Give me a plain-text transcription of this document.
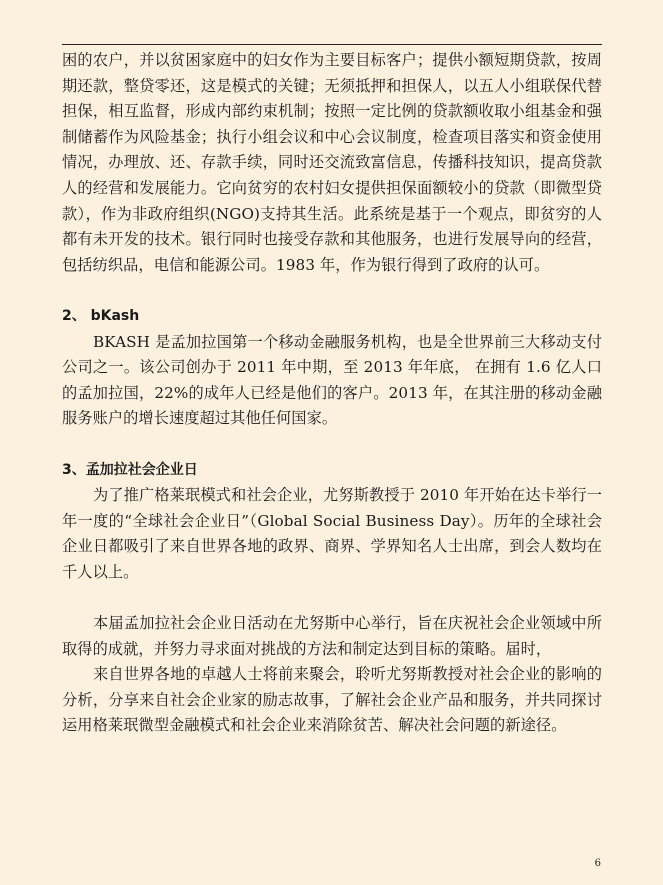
困的农户，并以贫困家庭中的妇女作为主要目标客户；提供小额短期贷款，按周期还款，整贷零还，这是模式的关键；无须抵押和担保人，以五人小组联保代替担保，相互监督，形成内部约束机制；按照一定比例的贷款额收取小组基金和强制储蓄作为风险基金；执行小组会议和中心会议制度，检查项目落实和资金使用情况，办理放、还、存款手续，同时还交流致富信息，传播科技知识，提高贷款人的经营和发展能力。它向贫穷的农村妇女提供担保面额较小的贷款（即微型贷款），作为非政府组织(NGO)支持其生活。此系统是基于一个观点，即贫穷的人都有未开发的技术。银行同时也接受存款和其他服务，也进行发展导向的经营，包括纺织品，电信和能源公司。1983 年，作为银行得到了政府的认可。

2、 bKash

BKASH 是孟加拉国第一个移动金融服务机构，也是全世界前三大移动支付公司之一。该公司创办于 2011 年中期，至 2013 年年底， 在拥有 1.6 亿人口的孟加拉国，22%的成年人已经是他们的客户。2013 年，在其注册的移动金融服务账户的增长速度超过其他任何国家。

3、孟加拉社会企业日

为了推广格莱珉模式和社会企业，尤努斯教授于 2010 年开始在达卡举行一年一度的“全球社会企业日”（Global Social Business Day）。历年的全球社会企业日都吸引了来自世界各地的政界、商界、学界知名人士出席，到会人数均在千人以上。

本届孟加拉社会企业日活动在尤努斯中心举行，旨在庆祝社会企业领域中所取得的成就，并努力寻求面对挑战的方法和制定达到目标的策略。届时，

来自世界各地的卓越人士将前来聚会，聆听尤努斯教授对社会企业的影响的分析，分享来自社会企业家的励志故事，了解社会企业产品和服务，并共同探讨运用格莱珉微型金融模式和社会企业来消除贫苦、解决社会问题的新途径。

6
